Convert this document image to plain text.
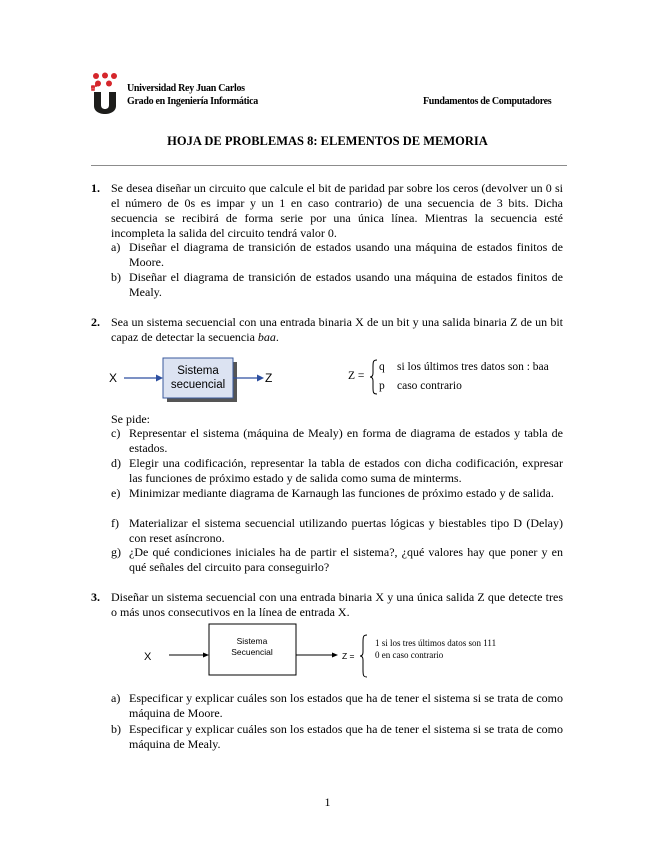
Universidad Rey Juan Carlos
Grado en Ingeniería Informática	Fundamentos de Computadores
HOJA DE PROBLEMAS 8: ELEMENTOS DE MEMORIA
1. Se desea diseñar un circuito que calcule el bit de paridad par sobre los ceros (devolver un 0 si el número de 0s es impar y un 1 en caso contrario) de una secuencia de 3 bits. Dicha secuencia se recibirá de forma serie por una única línea. Mientras la secuencia esté incompleta la salida del circuito tendrá valor 0.
a) Diseñar el diagrama de transición de estados usando una máquina de estados finitos de Moore.
b) Diseñar el diagrama de transición de estados usando una máquina de estados finitos de Mealy.
2. Sea un sistema secuencial con una entrada binaria X de un bit y una salida binaria Z de un bit capaz de detectar la secuencia baa.
X	Sistema
secuencial	Z	Z =
q si los últimos tres datos son : baa
p caso contrario
Se pide:
c) Representar el sistema (máquina de Mealy) en forma de diagrama de estados y tabla de estados.
d) Elegir una codificación, representar la tabla de estados con dicha codificación, expresar las funciones de próximo estado y de salida como suma de minterms.
e) Minimizar mediante diagrama de Karnaugh las funciones de próximo estado y de salida.
f) Materializar el sistema secuencial utilizando puertas lógicas y biestables tipo D (Delay) con reset asíncrono.
g) ¿De qué condiciones iniciales ha de partir el sistema?, ¿qué valores hay que poner y en qué señales del circuito para conseguirlo?
3. Diseñar un sistema secuencial con una entrada binaria X y una única salida Z que detecte tres o más unos consecutivos en la línea de entrada X.
X
Sistema
Secuencial	Z =
1 si los tres últimos datos son 111
0 en caso contrario
a) Especificar y explicar cuáles son los estados que ha de tener el sistema si se trata de como máquina de Moore.
b) Especificar y explicar cuáles son los estados que ha de tener el sistema si se trata de como máquina de Mealy.
1
